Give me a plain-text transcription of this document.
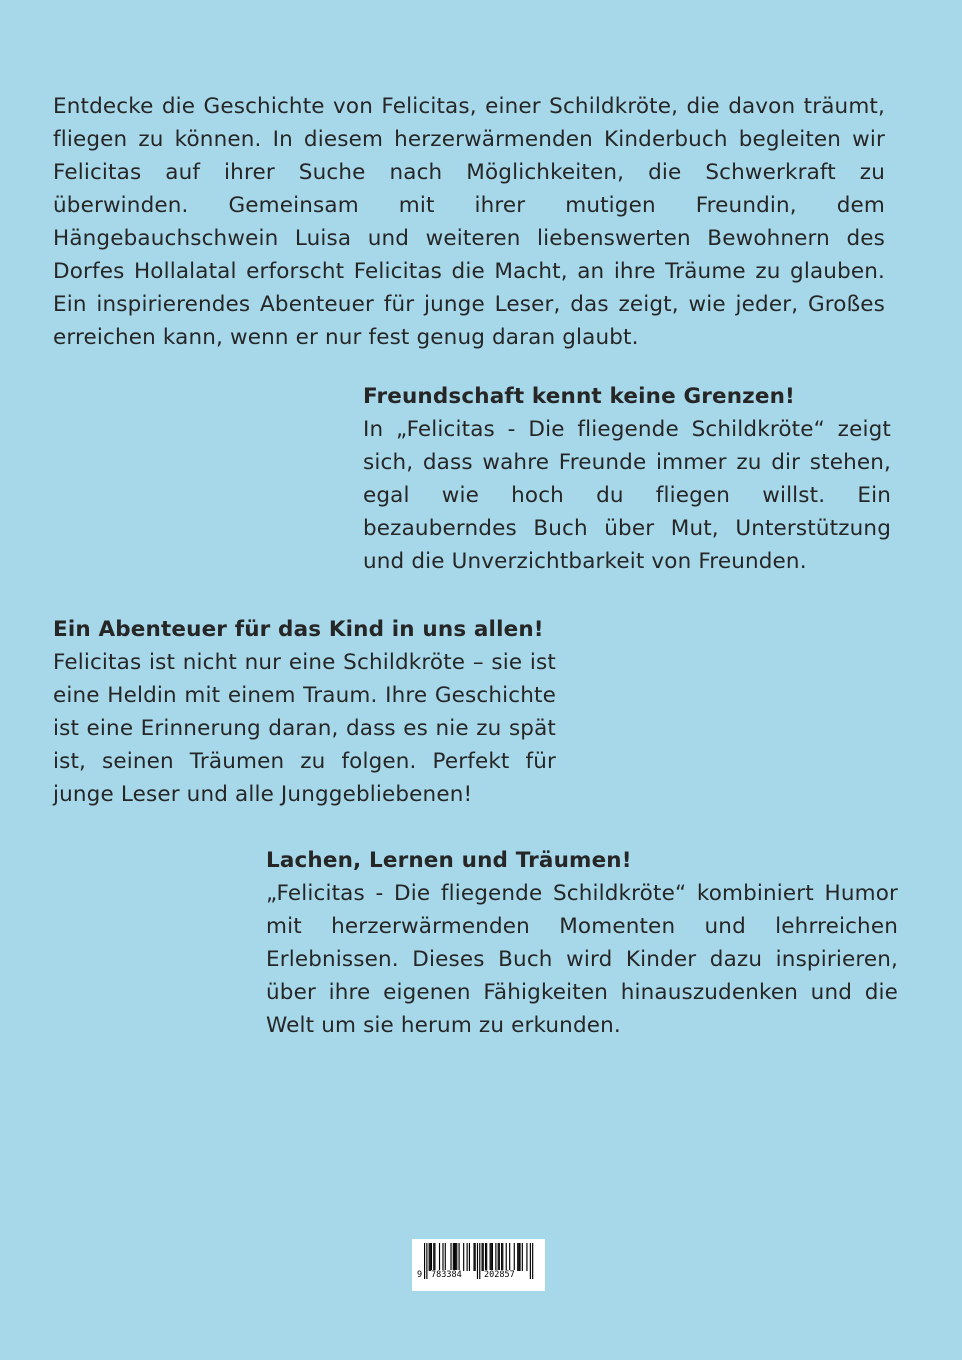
Entdecke die Geschichte von Felicitas, einer Schildkröte, die davon träumt, fliegen zu können. In diesem herzerwärmenden Kinderbuch begleiten wir Felicitas auf ihrer Suche nach Möglichkeiten, die Schwerkraft zu überwinden. Gemeinsam mit ihrer mutigen Freundin, dem Hängebauchschwein Luisa und weiteren liebenswerten Bewohnern des Dorfes Hollalatal erforscht Felicitas die Macht, an ihre Träume zu glauben. Ein inspirierendes Abenteuer für junge Leser, das zeigt, wie jeder, Großes erreichen kann, wenn er nur fest genug daran glaubt.

Freundschaft kennt keine Grenzen!

In „Felicitas - Die fliegende Schildkröte“ zeigt sich, dass wahre Freunde immer zu dir stehen, egal wie hoch du fliegen willst. Ein bezauberndes Buch über Mut, Unterstützung und die Unverzichtbarkeit von Freunden.

Ein Abenteuer für das Kind in uns allen!

Felicitas ist nicht nur eine Schildkröte – sie ist eine Heldin mit einem Traum. Ihre Geschichte ist eine Erinnerung daran, dass es nie zu spät ist, seinen Träumen zu folgen. Perfekt für junge Leser und alle Junggebliebenen!

Lachen, Lernen und Träumen!

„Felicitas - Die fliegende Schildkröte“ kombiniert Humor mit herzerwärmenden Momenten und lehrreichen Erlebnissen. Dieses Buch wird Kinder dazu inspirieren, über ihre eigenen Fähigkeiten hinauszudenken und die Welt um sie herum zu erkunden.

9 783384	202857
